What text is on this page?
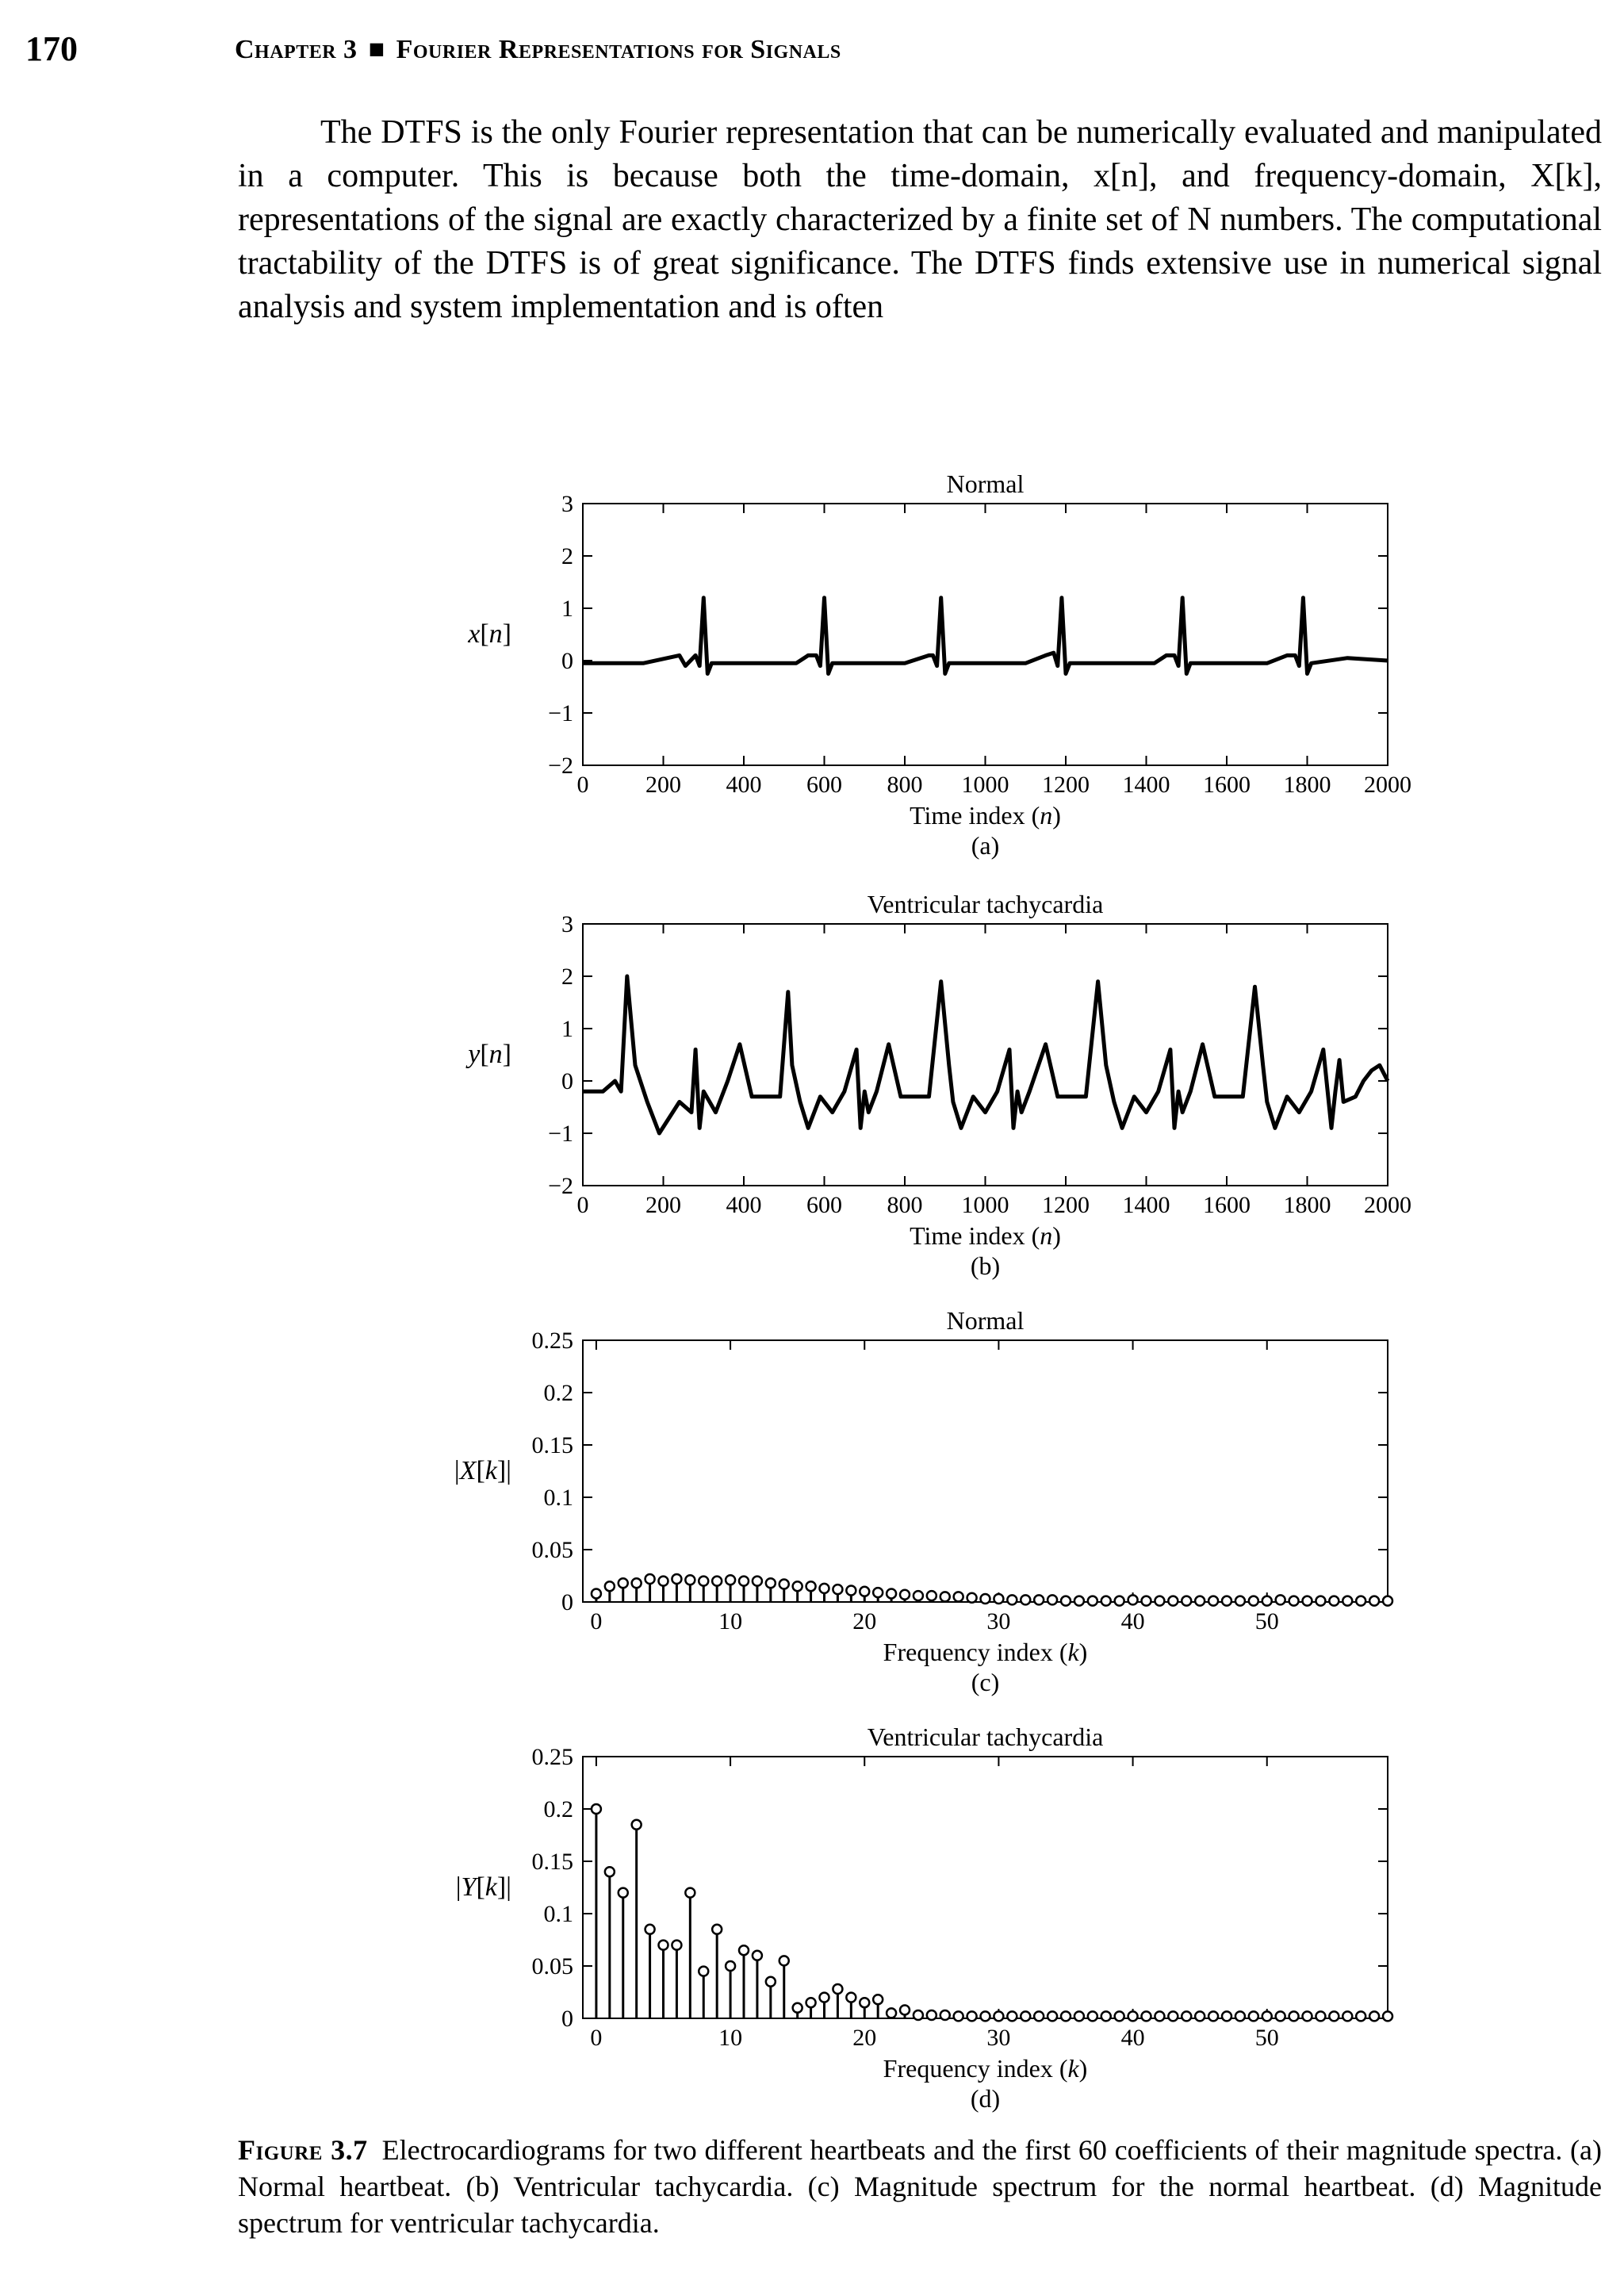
170	Chapter 3 ■ Fourier Representations for Signals
The DTFS is the only Fourier representation that can be numerically evaluated and manipulated in a computer. This is because both the time-domain, x[n], and frequency-domain, X[k], representations of the signal are exactly characterized by a finite set of N numbers. The computational tractability of the DTFS is of great significance. The DTFS finds extensive use in numerical signal analysis and system implementation and is often
Normal
−2
−1
0
1
2
3
0 200 400 600 800 1000 1200 1400 1600 1800 2000
Time index (n)
(a)
x[n]
Ventricular tachycardia
−2
−1
0
1
2
3
0 200 400 600 800 1000 1200 1400 1600 1800 2000
Time index (n)
(b)
y[n]
Normal
0
0.05
0.1
0.15
0.2
0.25
0	10	20	30	40	50
Frequency index (k)
(c)
|X[k]|
Ventricular tachycardia
0
0.05
0.1
0.15
0.2
0.25
0	10	20	30	40	50
Frequency index (k)
(d)
|Y[k]|
Figure 3.7 Electrocardiograms for two different heartbeats and the first 60 coefficients of their magnitude spectra. (a) Normal heartbeat. (b) Ventricular tachycardia. (c) Magnitude spectrum for the normal heartbeat. (d) Magnitude spectrum for ventricular tachycardia.
